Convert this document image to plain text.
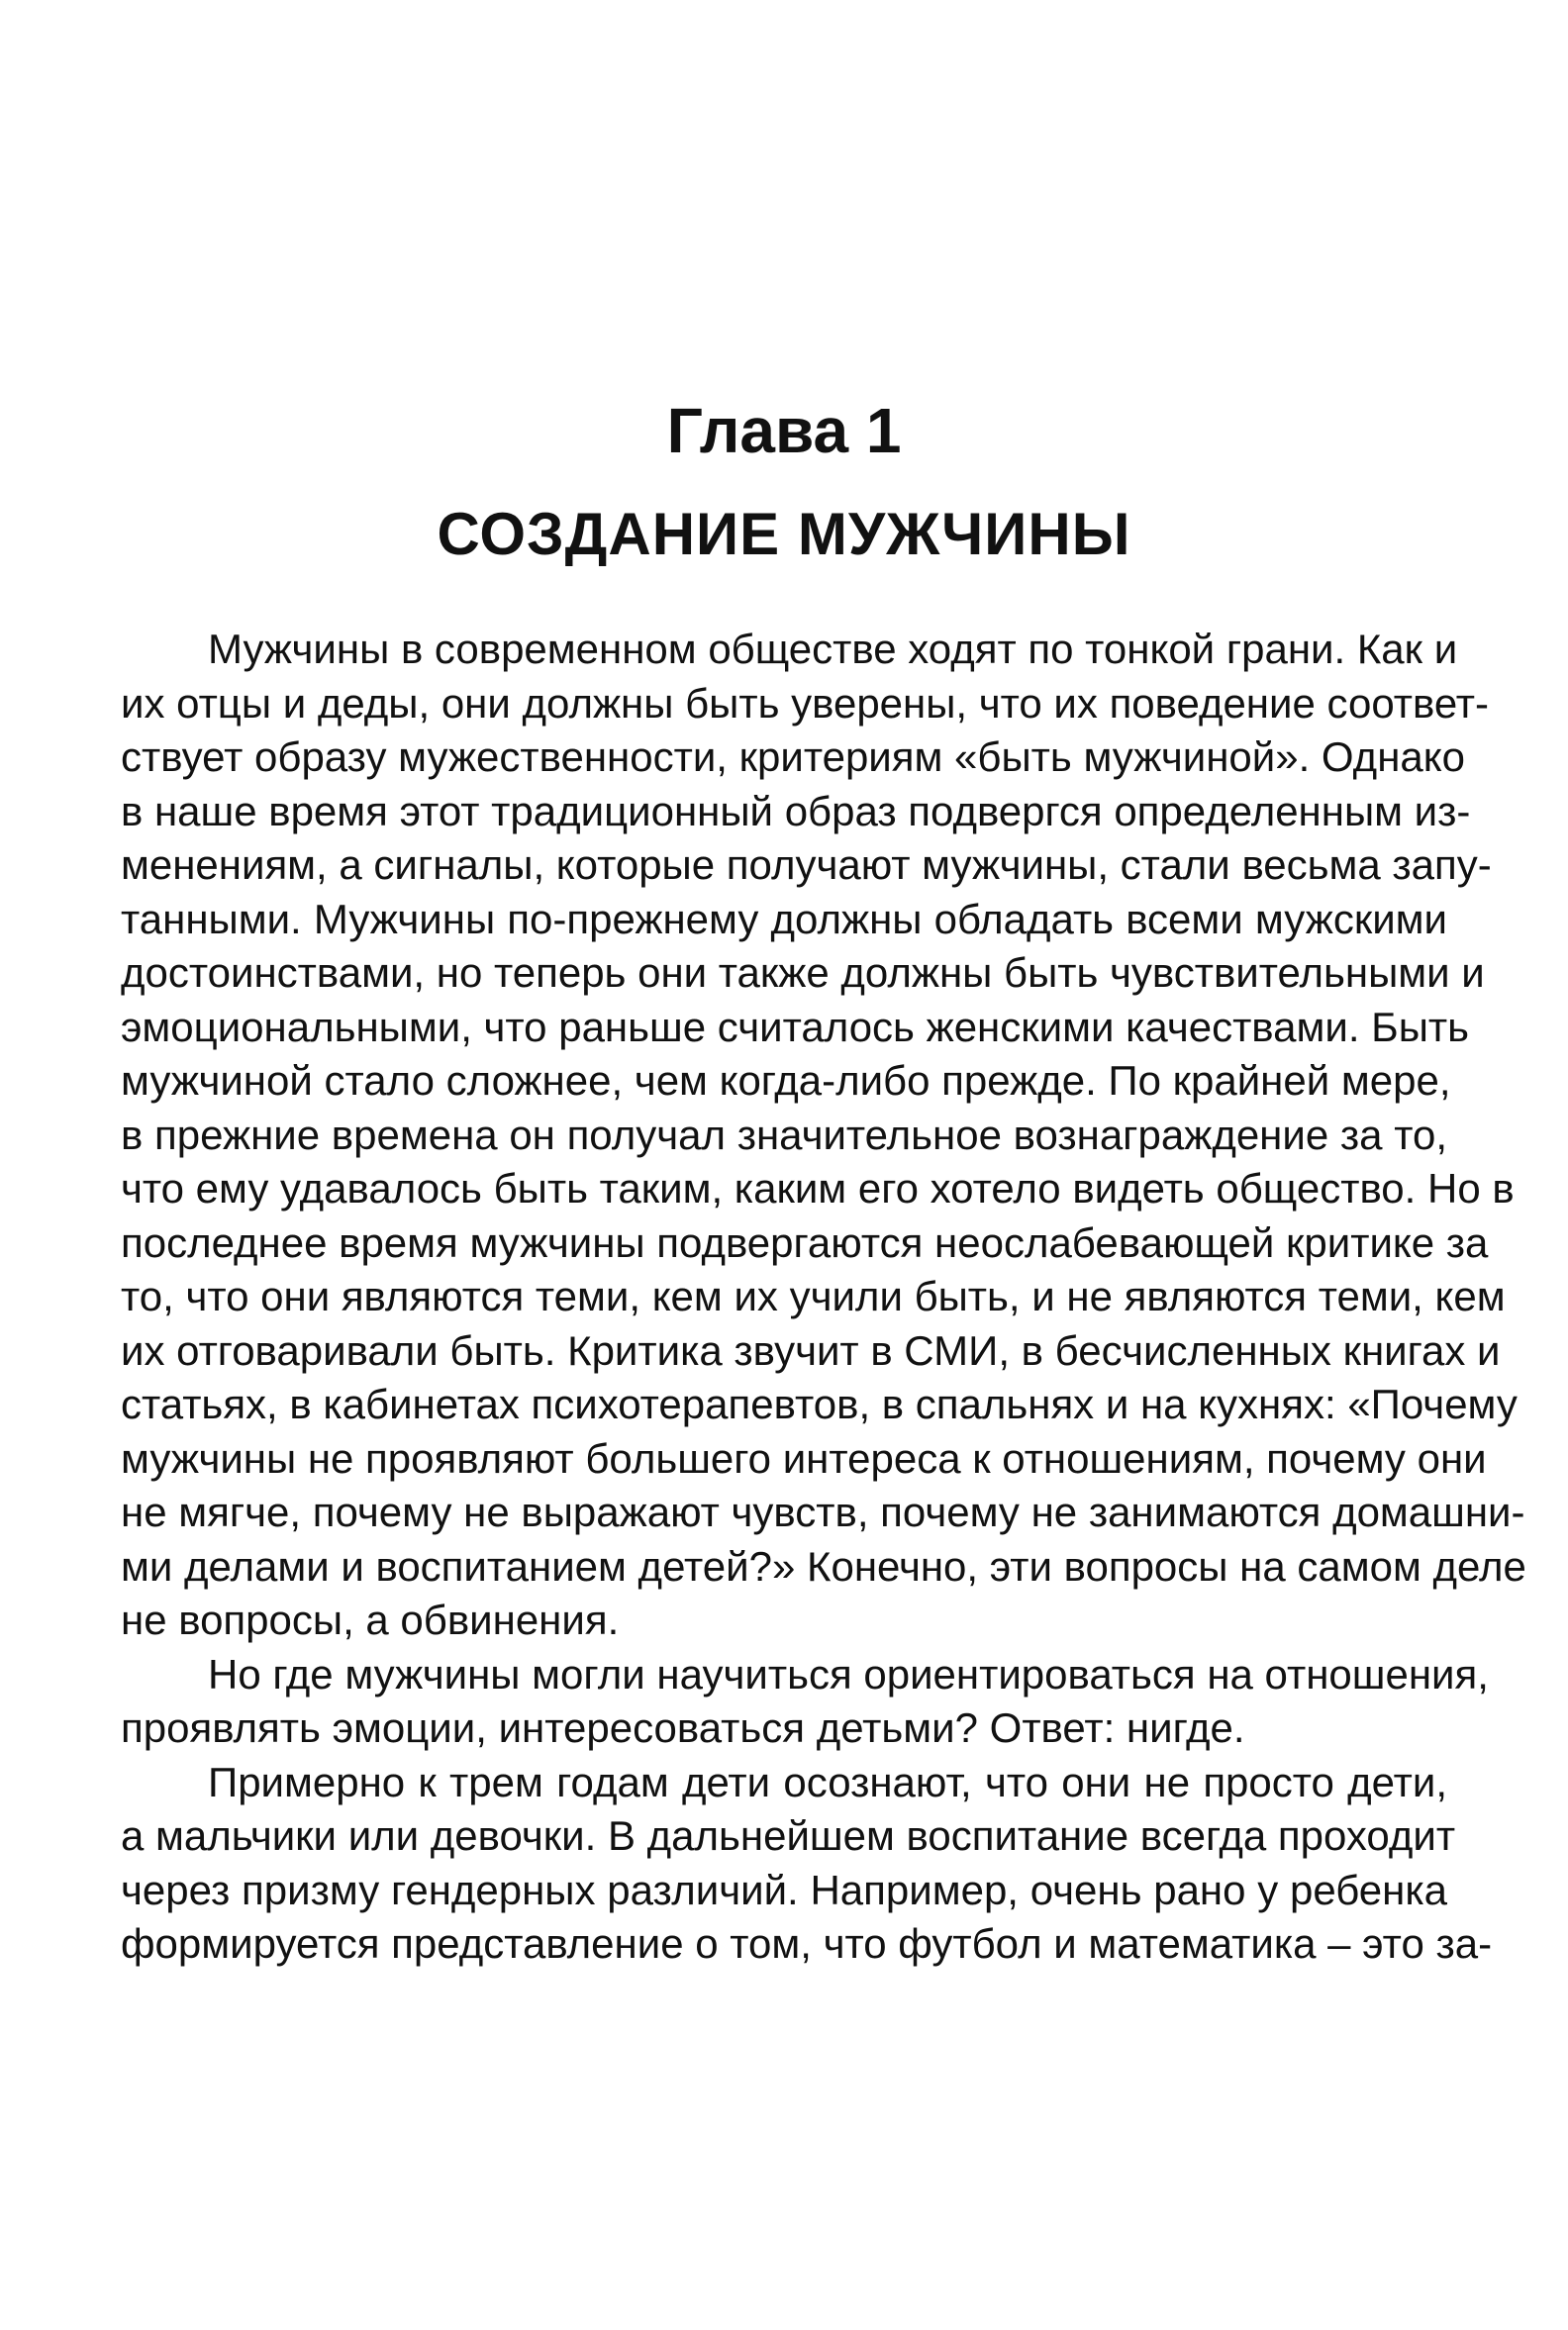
Глава 1
СОЗДАНИЕ МУЖЧИНЫ

Мужчины в современном обществе ходят по тонкой грани. Как и
их отцы и деды, они должны быть уверены, что их поведение соответ-
ствует образу мужественности, критериям «быть мужчиной». Однако
в наше время этот традиционный образ подвергся определенным из-
менениям, а сигналы, которые получают мужчины, стали весьма запу-
танными. Мужчины по-прежнему должны обладать всеми мужскими
достоинствами, но теперь они также должны быть чувствительными и
эмоциональными, что раньше считалось женскими качествами. Быть
мужчиной стало сложнее, чем когда-либо прежде. По крайней мере,
в прежние времена он получал значительное вознаграждение за то,
что ему удавалось быть таким, каким его хотело видеть общество. Но в
последнее время мужчины подвергаются неослабевающей критике за
то, что они являются теми, кем их учили быть, и не являются теми, кем
их отговаривали быть. Критика звучит в СМИ, в бесчисленных книгах и
статьях, в кабинетах психотерапевтов, в спальнях и на кухнях: «Почему
мужчины не проявляют большего интереса к отношениям, почему они
не мягче, почему не выражают чувств, почему не занимаются домашни-
ми делами и воспитанием детей?» Конечно, эти вопросы на самом деле
не вопросы, а обвинения.

Но где мужчины могли научиться ориентироваться на отношения,
проявлять эмоции, интересоваться детьми? Ответ: нигде.

Примерно к трем годам дети осознают, что они не просто дети,
а мальчики или девочки. В дальнейшем воспитание всегда проходит
через призму гендерных различий. Например, очень рано у ребенка
формируется представление о том, что футбол и математика – это за-
